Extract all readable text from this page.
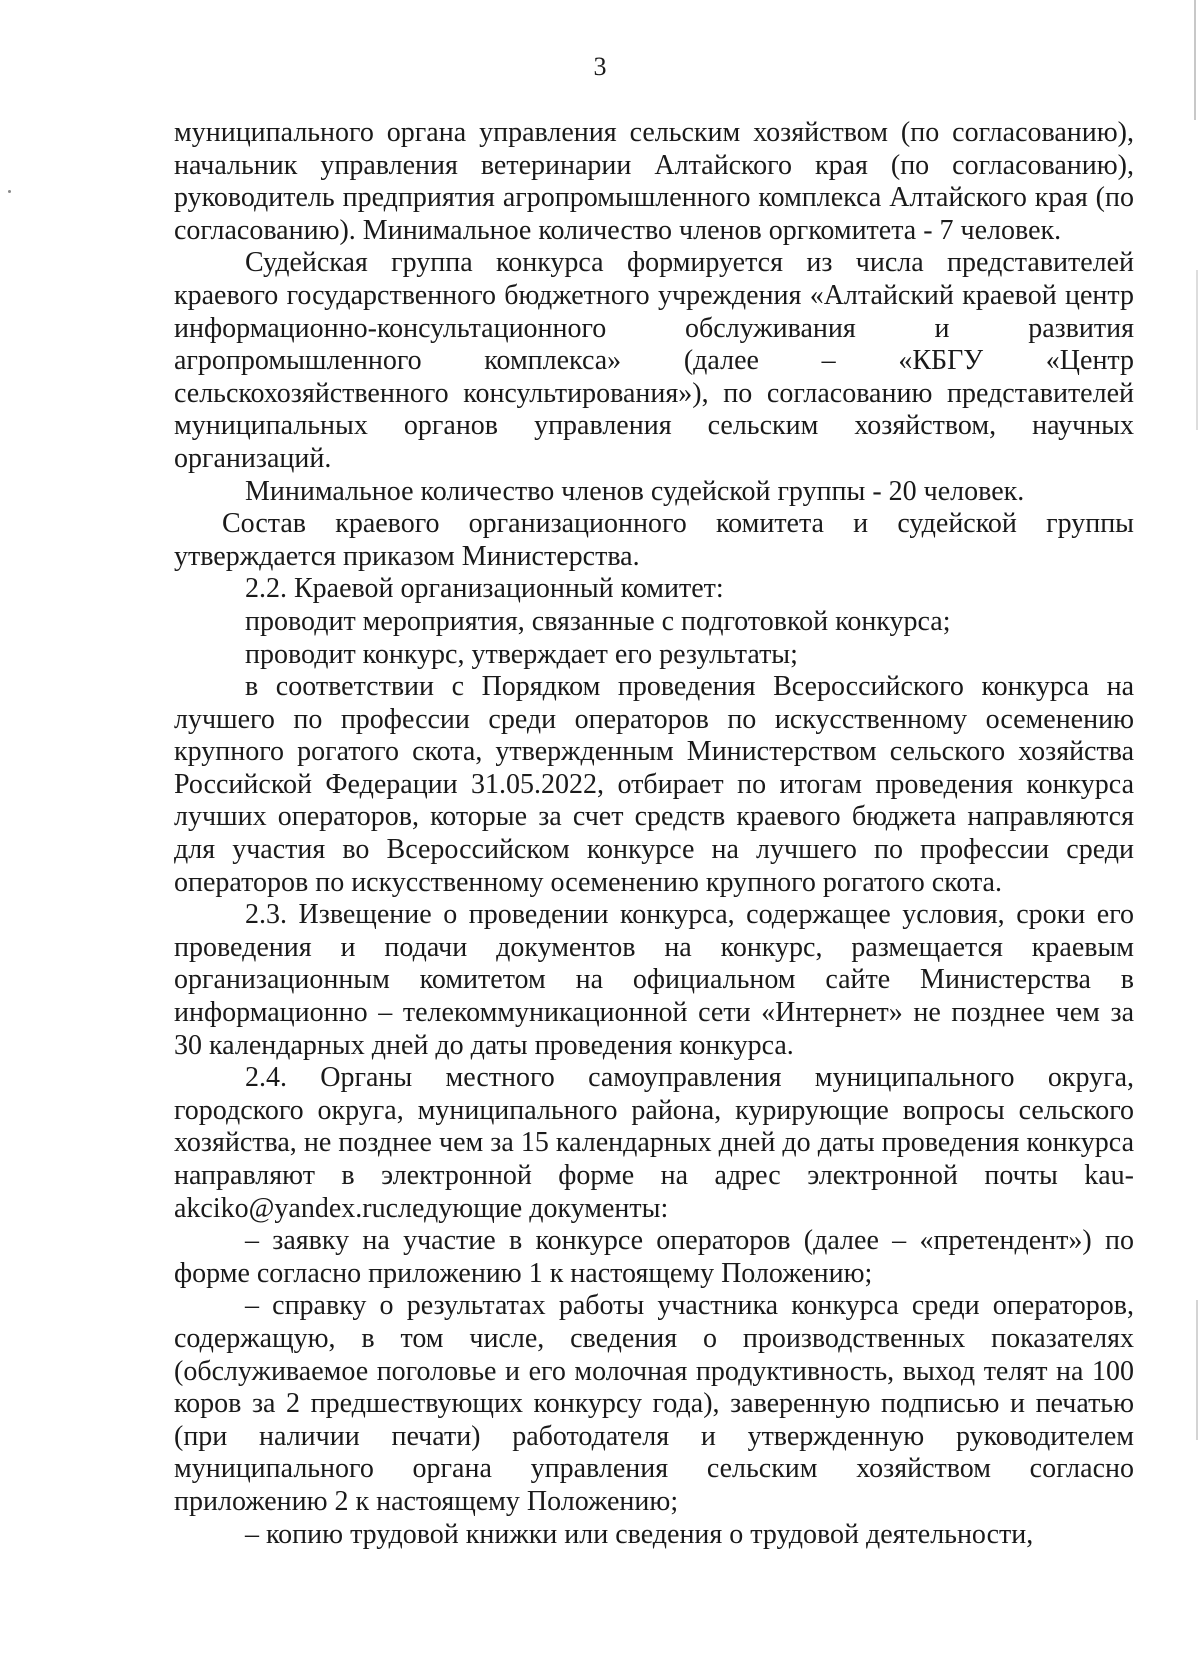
3

муниципального органа управления сельским хозяйством (по согласованию), начальник управления ветеринарии Алтайского края (по согласованию), руководитель предприятия агропромышленного комплекса Алтайского края (по согласованию). Минимальное количество членов оргкомитета - 7 человек.

Судейская группа конкурса формируется из числа представителей краевого государственного бюджетного учреждения «Алтайский краевой центр информационно-консультационного обслуживания и развития агропромышленного комплекса» (далее – «КБГУ «Центр сельскохозяйственного консультирования»), по согласованию представителей муниципальных органов управления сельским хозяйством, научных организаций.

Минимальное количество членов судейской группы - 20 человек.

Состав краевого организационного комитета и судейской группы утверждается приказом Министерства.

2.2. Краевой организационный комитет:

проводит мероприятия, связанные с подготовкой конкурса;

проводит конкурс, утверждает его результаты;

в соответствии с Порядком проведения Всероссийского конкурса на лучшего по профессии среди операторов по искусственному осеменению крупного рогатого скота, утвержденным Министерством сельского хозяйства Российской Федерации 31.05.2022, отбирает по итогам проведения конкурса лучших операторов, которые за счет средств краевого бюджета направляются для участия во Всероссийском конкурсе на лучшего по профессии среди операторов по искусственному осеменению крупного рогатого скота.

2.3. Извещение о проведении конкурса, содержащее условия, сроки его проведения и подачи документов на конкурс, размещается краевым организационным комитетом на официальном сайте Министерства в информационно – телекоммуникационной сети «Интернет» не позднее чем за 30 календарных дней до даты проведения конкурса.

2.4. Органы местного самоуправления муниципального округа, городского округа, муниципального района, курирующие вопросы сельского хозяйства, не позднее чем за 15 календарных дней до даты проведения конкурса направляют в электронной форме на адрес электронной почты kau-akciko@yandex.ruследующие документы:

– заявку на участие в конкурсе операторов (далее – «претендент») по форме согласно приложению 1 к настоящему Положению;

– справку о результатах работы участника конкурса среди операторов, содержащую, в том числе, сведения о производственных показателях (обслуживаемое поголовье и его молочная продуктивность, выход телят на 100 коров за 2 предшествующих конкурсу года), заверенную подписью и печатью (при наличии печати) работодателя и утвержденную руководителем муниципального органа управления сельским хозяйством согласно приложению 2 к настоящему Положению;

– копию трудовой книжки или сведения о трудовой деятельности,
